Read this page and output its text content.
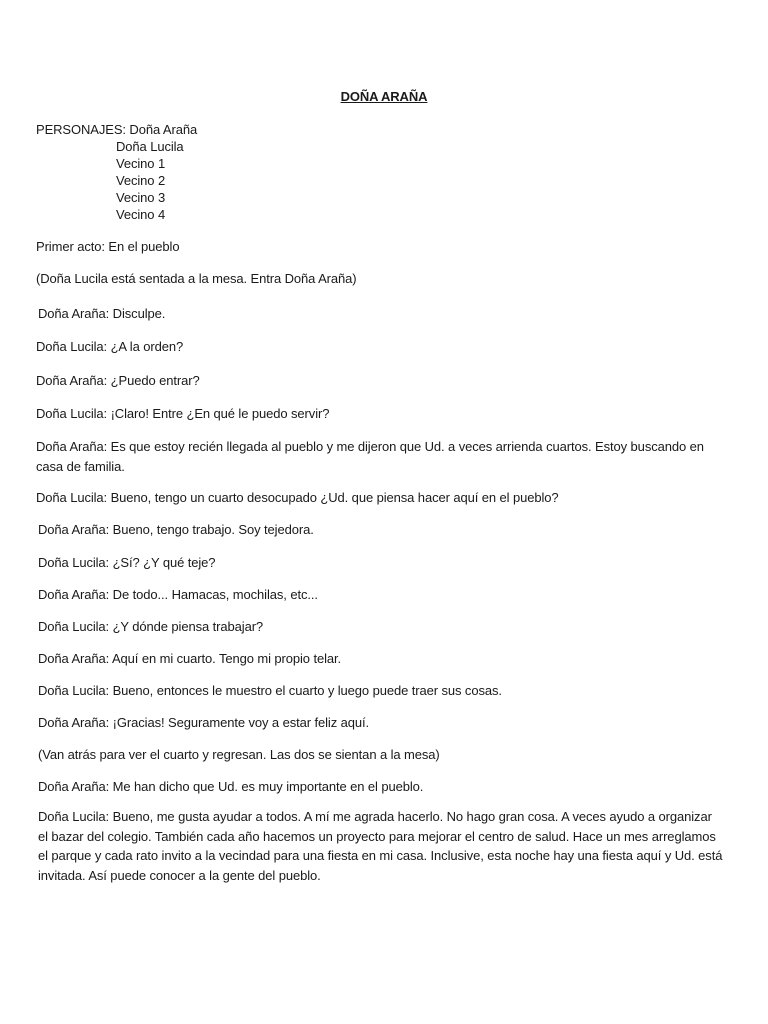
DOÑA ARAÑA
PERSONAJES: Doña Araña
Doña Lucila
Vecino 1
Vecino 2
Vecino 3
Vecino 4
Primer acto: En el pueblo
(Doña Lucila está sentada a la mesa. Entra Doña Araña)
Doña Araña: Disculpe.
Doña Lucila: ¿A la orden?
Doña Araña: ¿Puedo entrar?
Doña Lucila: ¡Claro! Entre ¿En qué le puedo servir?
Doña Araña: Es que estoy recién llegada al pueblo y me dijeron que Ud. a veces arrienda cuartos. Estoy buscando en casa de familia.
Doña Lucila: Bueno, tengo un cuarto desocupado ¿Ud. que piensa hacer aquí en el pueblo?
Doña Araña: Bueno, tengo trabajo. Soy tejedora.
Doña Lucila: ¿Sí? ¿Y qué teje?
Doña Araña: De todo... Hamacas, mochilas, etc...
Doña Lucila: ¿Y dónde piensa trabajar?
Doña Araña: Aquí en mi cuarto. Tengo mi propio telar.
Doña Lucila: Bueno, entonces le muestro el cuarto y luego puede traer sus cosas.
Doña Araña: ¡Gracias! Seguramente voy a estar feliz aquí.
(Van atrás para ver el cuarto y regresan. Las dos se sientan a la mesa)
Doña Araña: Me han dicho que Ud. es muy importante en el pueblo.
Doña Lucila: Bueno, me gusta ayudar a todos. A mí me agrada hacerlo. No hago gran cosa. A veces ayudo a organizar el bazar del colegio. También cada año hacemos un proyecto para mejorar el centro de salud. Hace un mes arreglamos el parque y cada rato invito a la vecindad para una fiesta en mi casa. Inclusive, esta noche hay una fiesta aquí y Ud. está invitada. Así puede conocer a la gente del pueblo.
